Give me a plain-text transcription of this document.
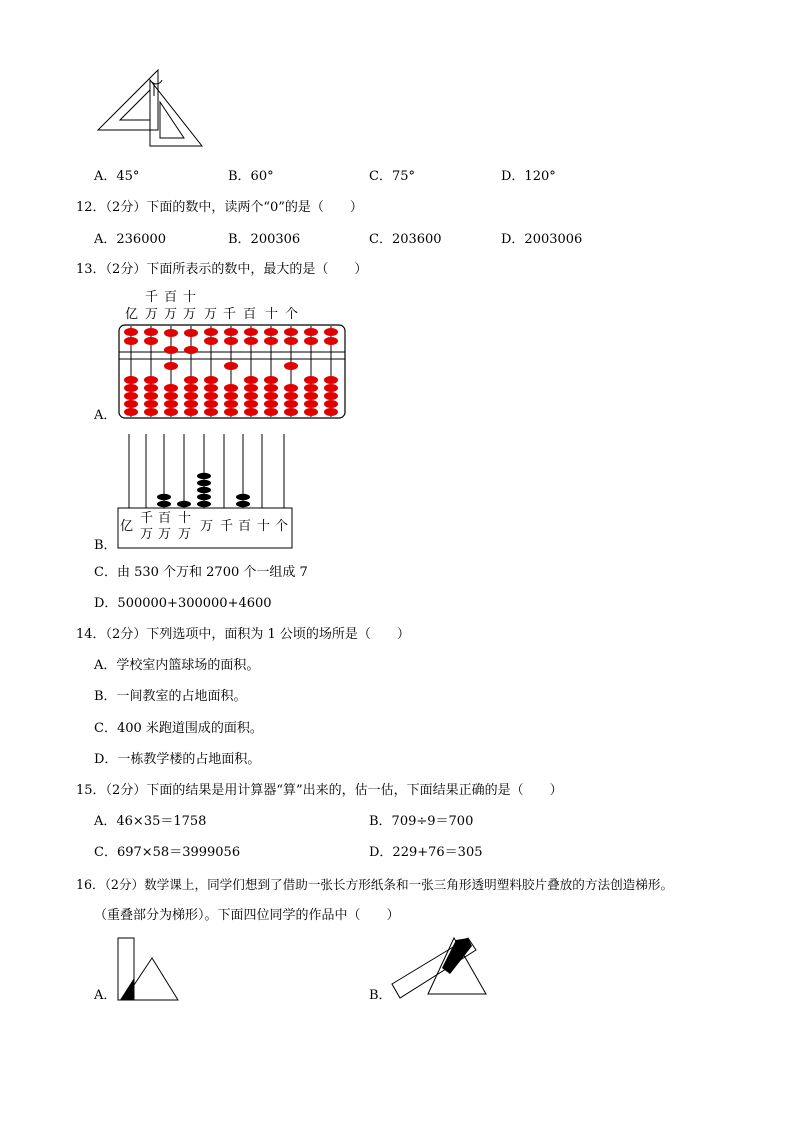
A．45°	B．60°	C．75°	D．120°
12．（2分）下面的数中，读两个“0”的是（　　）
A．236000	B．200306	C．203600	D．2003006
13．（2分）下面所表示的数中，最大的是（　　）
千 百 十
亿 万 万 万 万 千 百 十 个
A．
亿
千
万
百
万
十
万
万 千 百 十 个
B．
C．由 530 个万和 2700 个一组成 7
D．500000+300000+4600
14．（2分）下列选项中，面积为 1 公顷的场所是（　　）
A．学校室内篮球场的面积。
B．一间教室的占地面积。
C．400 米跑道围成的面积。
D．一栋教学楼的占地面积。
15．（2分）下面的结果是用计算器“算”出来的，估一估，下面结果正确的是（　　）
A．46×35＝1758	B．709÷9＝700
C．697×58＝3999056	D．229+76＝305
16．（2分）数学课上，同学们想到了借助一张长方形纸条和一张三角形透明塑料胶片叠放的方法创造梯形。
（重叠部分为梯形）。下面四位同学的作品中（　　）
A．	B．
